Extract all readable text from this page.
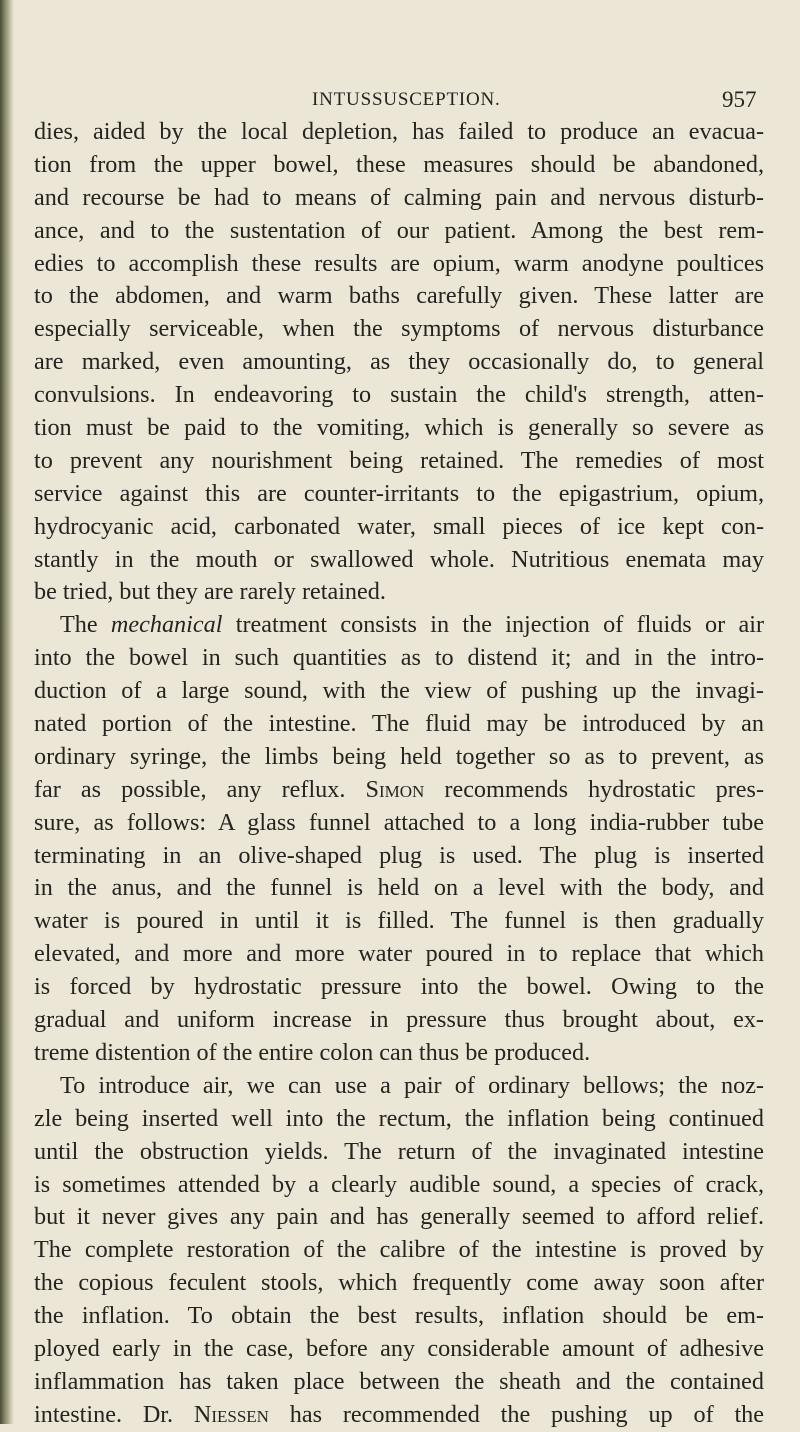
INTUSSUSCEPTION.	957
dies, aided by the local depletion, has failed to produce an evacua-
tion from the upper bowel, these measures should be abandoned,
and recourse be had to means of calming pain and nervous disturb-
ance, and to the sustentation of our patient. Among the best rem-
edies to accomplish these results are opium, warm anodyne poultices
to the abdomen, and warm baths carefully given. These latter are
especially serviceable, when the symptoms of nervous disturbance
are marked, even amounting, as they occasionally do, to general
convulsions. In endeavoring to sustain the child's strength, atten-
tion must be paid to the vomiting, which is generally so severe as
to prevent any nourishment being retained. The remedies of most
service against this are counter-irritants to the epigastrium, opium,
hydrocyanic acid, carbonated water, small pieces of ice kept con-
stantly in the mouth or swallowed whole. Nutritious enemata may
be tried, but they are rarely retained.
The mechanical treatment consists in the injection of fluids or air
into the bowel in such quantities as to distend it; and in the intro-
duction of a large sound, with the view of pushing up the invagi-
nated portion of the intestine. The fluid may be introduced by an
ordinary syringe, the limbs being held together so as to prevent, as
far as possible, any reflux. Simon recommends hydrostatic pres-
sure, as follows: A glass funnel attached to a long india-rubber tube
terminating in an olive-shaped plug is used. The plug is inserted
in the anus, and the funnel is held on a level with the body, and
water is poured in until it is filled. The funnel is then gradually
elevated, and more and more water poured in to replace that which
is forced by hydrostatic pressure into the bowel. Owing to the
gradual and uniform increase in pressure thus brought about, ex-
treme distention of the entire colon can thus be produced.
To introduce air, we can use a pair of ordinary bellows; the noz-
zle being inserted well into the rectum, the inflation being continued
until the obstruction yields. The return of the invaginated intestine
is sometimes attended by a clearly audible sound, a species of crack,
but it never gives any pain and has generally seemed to afford relief.
The complete restoration of the calibre of the intestine is proved by
the copious feculent stools, which frequently come away soon after
the inflation. To obtain the best results, inflation should be em-
ployed early in the case, before any considerable amount of adhesive
inflammation has taken place between the sheath and the contained
intestine. Dr. Niessen has recommended the pushing up of the
